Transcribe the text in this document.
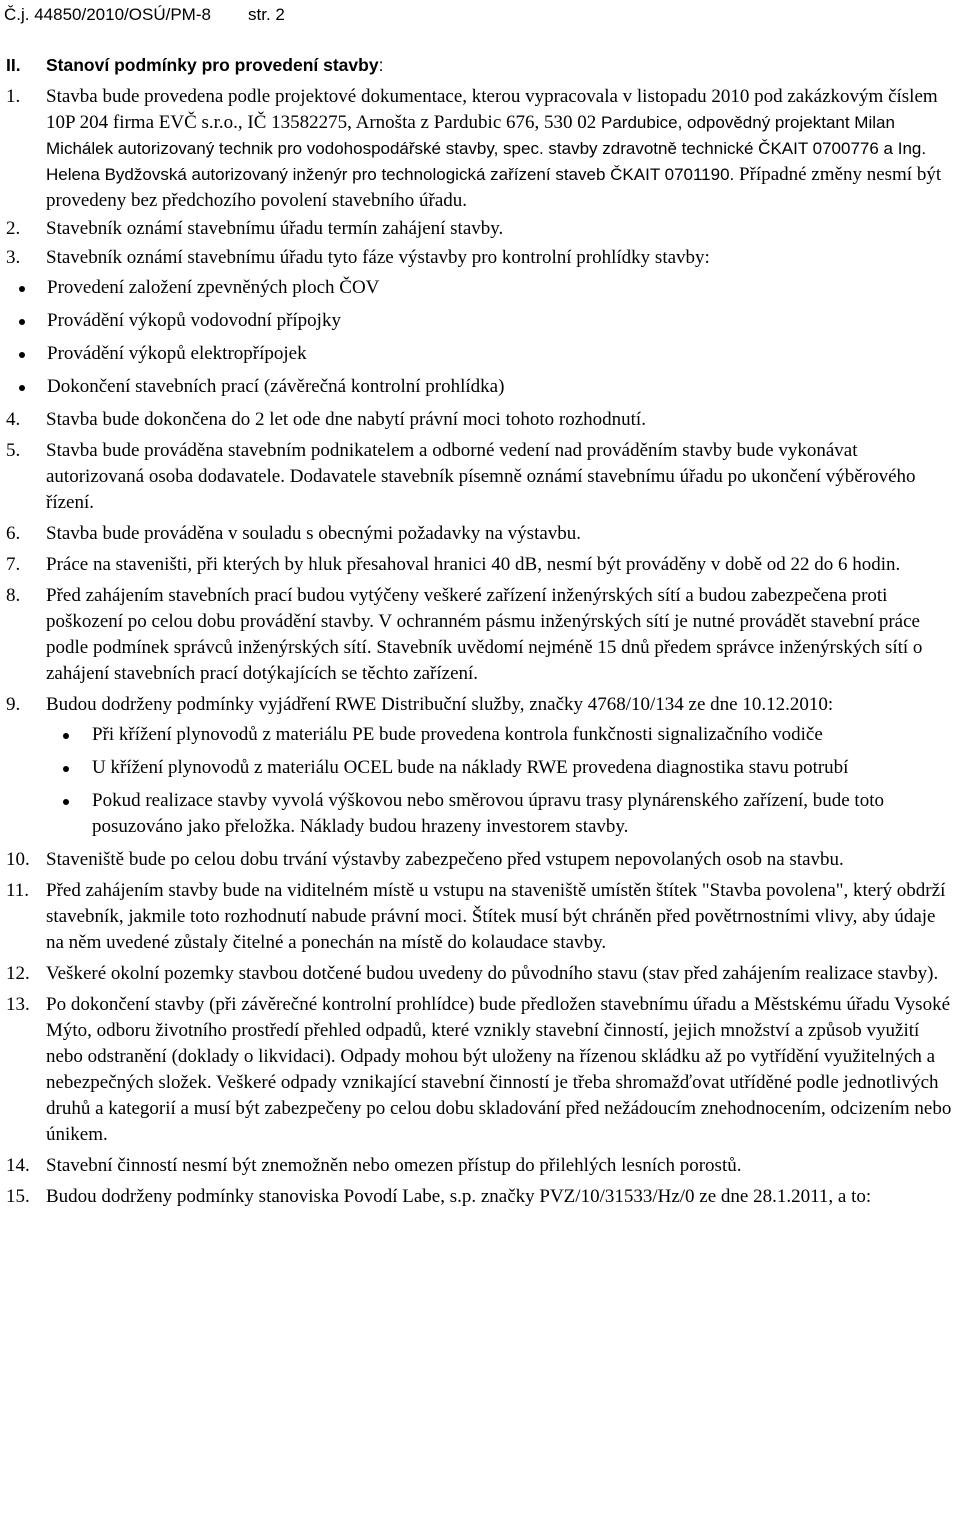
Č.j. 44850/2010/OSÚ/PM-8 str. 2
II. Stanoví podmínky pro provedení stavby:
1. Stavba bude provedena podle projektové dokumentace, kterou vypracovala v listopadu 2010 pod zakázkovým číslem 10P 204 firma EVČ s.r.o., IČ 13582275, Arnošta z Pardubic 676, 530 02 Pardubice, odpovědný projektant Milan Michálek autorizovaný technik pro vodohospodářské stavby, spec. stavby zdravotně technické ČKAIT 0700776 a Ing. Helena Bydžovská autorizovaný inženýr pro technologická zařízení staveb ČKAIT 0701190. Případné změny nesmí být provedeny bez předchozího povolení stavebního úřadu.
2. Stavebník oznámí stavebnímu úřadu termín zahájení stavby.
3. Stavebník oznámí stavebnímu úřadu tyto fáze výstavby pro kontrolní prohlídky stavby:
Provedení založení zpevněných ploch ČOV
Provádění výkopů vodovodní přípojky
Provádění výkopů elektropřípojek
Dokončení stavebních prací (závěrečná kontrolní prohlídka)
4. Stavba bude dokončena do 2 let ode dne nabytí právní moci tohoto rozhodnutí.
5. Stavba bude prováděna stavebním podnikatelem a odborné vedení nad prováděním stavby bude vykonávat autorizovaná osoba dodavatele. Dodavatele stavebník písemně oznámí stavebnímu úřadu po ukončení výběrového řízení.
6. Stavba bude prováděna v souladu s obecnými požadavky na výstavbu.
7. Práce na staveništi, při kterých by hluk přesahoval hranici 40 dB, nesmí být prováděny v době od 22 do 6 hodin.
8. Před zahájením stavebních prací budou vytýčeny veškeré zařízení inženýrských sítí a budou zabezpečena proti poškození po celou dobu provádění stavby. V ochranném pásmu inženýrských sítí je nutné provádět stavební práce podle podmínek správců inženýrských sítí. Stavebník uvědomí nejméně 15 dnů předem správce inženýrských sítí o zahájení stavebních prací dotýkajících se těchto zařízení.
9. Budou dodrženy podmínky vyjádření RWE Distribuční služby, značky 4768/10/134 ze dne 10.12.2010:
Při křížení plynovodů z materiálu PE bude provedena kontrola funkčnosti signalizačního vodiče
U křížení plynovodů z materiálu OCEL bude na náklady RWE provedena diagnostika stavu potrubí
Pokud realizace stavby vyvolá výškovou nebo směrovou úpravu trasy plynárenského zařízení, bude toto posuzováno jako přeložka. Náklady budou hrazeny investorem stavby.
10. Staveniště bude po celou dobu trvání výstavby zabezpečeno před vstupem nepovolaných osob na stavbu.
11. Před zahájením stavby bude na viditelném místě u vstupu na staveniště umístěn štítek "Stavba povolena", který obdrží stavebník, jakmile toto rozhodnutí nabude právní moci. Štítek musí být chráněn před povětrnostními vlivy, aby údaje na něm uvedené zůstaly čitelné a ponechán na místě do kolaudace stavby.
12. Veškeré okolní pozemky stavbou dotčené budou uvedeny do původního stavu (stav před zahájením realizace stavby).
13. Po dokončení stavby (při závěrečné kontrolní prohlídce) bude předložen stavebnímu úřadu a Městskému úřadu Vysoké Mýto, odboru životního prostředí přehled odpadů, které vznikly stavební činností, jejich množství a způsob využití nebo odstranění (doklady o likvidaci). Odpady mohou být uloženy na řízenou skládku až po vytřídění využitelných a nebezpečných složek. Veškeré odpady vznikající stavební činností je třeba shromažďovat utříděné podle jednotlivých druhů a kategorií a musí být zabezpečeny po celou dobu skladování před nežádoucím znehodnocením, odcizením nebo únikem.
14. Stavební činností nesmí být znemožněn nebo omezen přístup do přilehlých lesních porostů.
15. Budou dodrženy podmínky stanoviska Povodí Labe, s.p. značky PVZ/10/31533/Hz/0 ze dne 28.1.2011, a to:
